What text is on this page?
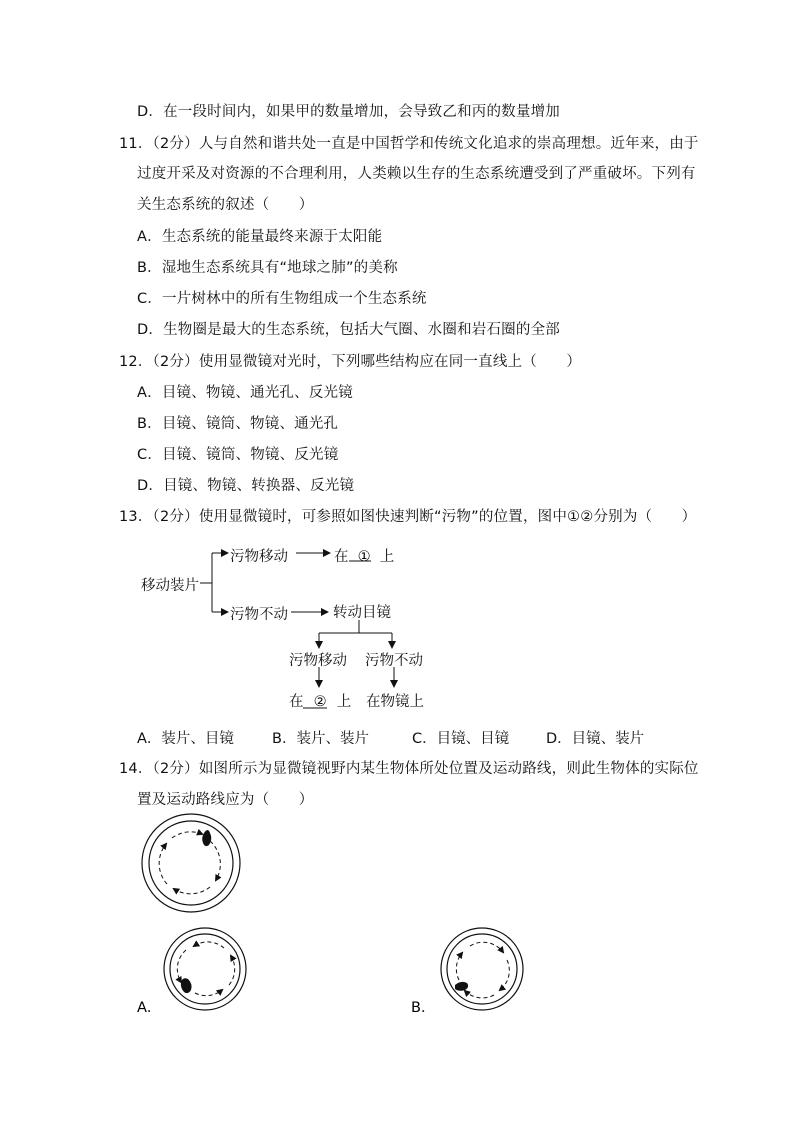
D．在一段时间内，如果甲的数量增加，会导致乙和丙的数量增加
11．（2分）人与自然和谐共处一直是中国哲学和传统文化追求的崇高理想。近年来，由于
过度开采及对资源的不合理利用，人类赖以生存的生态系统遭受到了严重破坏。下列有
关生态系统的叙述（　　）
A．生态系统的能量最终来源于太阳能
B．湿地生态系统具有“地球之肺”的美称
C．一片树林中的所有生物组成一个生态系统
D．生物圈是最大的生态系统，包括大气圈、水圈和岩石圈的全部
12．（2分）使用显微镜对光时，下列哪些结构应在同一直线上（　　）
A．目镜、物镜、通光孔、反光镜
B．目镜、镜筒、物镜、通光孔
C．目镜、镜筒、物镜、反光镜
D．目镜、物镜、转换器、反光镜
13．（2分）使用显微镜时，可参照如图快速判断“污物”的位置，图中①②分别为（　　）
移动装片
污物移动	在 ① 上
污物不动	转动目镜
污物移动 污物不动
在 ② 上 在物镜上
A．装片、目镜	B．装片、装片	C．目镜、目镜	D．目镜、装片
14．（2分）如图所示为显微镜视野内某生物体所处位置及运动路线，则此生物体的实际位
置及运动路线应为（　　）
A．	B．
